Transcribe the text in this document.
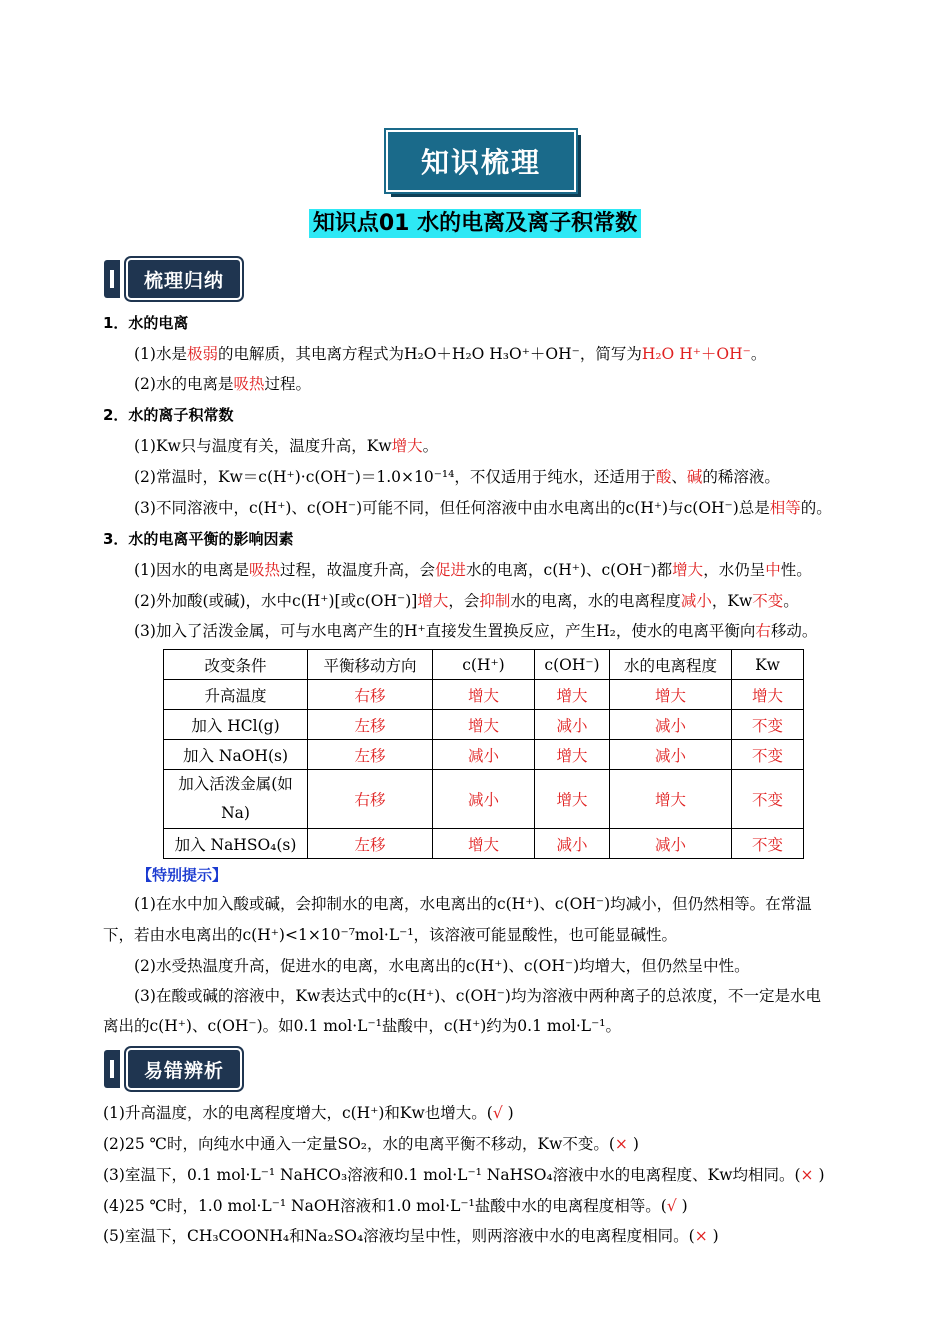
知识梳理
知识点01 水的电离及离子积常数
梳理归纳
1．水的电离
(1)水是极弱的电解质，其电离方程式为H₂O＋H₂O H₃O⁺＋OH⁻，简写为H₂O H⁺＋OH⁻。
(2)水的电离是吸热过程。
2．水的离子积常数
(1)Kw只与温度有关，温度升高，Kw增大。
(2)常温时，Kw＝c(H⁺)·c(OH⁻)＝1.0×10⁻¹⁴，不仅适用于纯水，还适用于酸、碱的稀溶液。
(3)不同溶液中，c(H⁺)、c(OH⁻)可能不同，但任何溶液中由水电离出的c(H⁺)与c(OH⁻)总是相等的。
3．水的电离平衡的影响因素
(1)因水的电离是吸热过程，故温度升高，会促进水的电离，c(H⁺)、c(OH⁻)都增大，水仍呈中性。
(2)外加酸(或碱)，水中c(H⁺)[或c(OH⁻)]增大，会抑制水的电离，水的电离程度减小，Kw不变。
(3)加入了活泼金属，可与水电离产生的H⁺直接发生置换反应，产生H₂，使水的电离平衡向右移动。
改变条件	平衡移动方向	c(H⁺)	c(OH⁻)	水的电离程度	Kw
升高温度	右移	增大	增大	增大	增大
加入 HCl(g)	左移	增大	减小	减小	不变
加入 NaOH(s)	左移	减小	增大	减小	不变
加入活泼金属(如Na)	右移	减小	增大	增大	不变
加入 NaHSO₄(s)	左移	增大	减小	减小	不变
【特别提示】
(1)在水中加入酸或碱，会抑制水的电离，水电离出的c(H⁺)、c(OH⁻)均减小，但仍然相等。在常温
下，若由水电离出的c(H⁺)<1×10⁻⁷mol·L⁻¹，该溶液可能显酸性，也可能显碱性。
(2)水受热温度升高，促进水的电离，水电离出的c(H⁺)、c(OH⁻)均增大，但仍然呈中性。
(3)在酸或碱的溶液中，Kw表达式中的c(H⁺)、c(OH⁻)均为溶液中两种离子的总浓度，不一定是水电
离出的c(H⁺)、c(OH⁻)。如0.1 mol·L⁻¹盐酸中，c(H⁺)约为0.1 mol·L⁻¹。
易错辨析
(1)升高温度，水的电离程度增大，c(H⁺)和Kw也增大。(√ )
(2)25 ℃时，向纯水中通入一定量SO₂，水的电离平衡不移动，Kw不变。(× )
(3)室温下，0.1 mol·L⁻¹ NaHCO₃溶液和0.1 mol·L⁻¹ NaHSO₄溶液中水的电离程度、Kw均相同。(× )
(4)25 ℃时，1.0 mol·L⁻¹ NaOH溶液和1.0 mol·L⁻¹盐酸中水的电离程度相等。(√ )
(5)室温下，CH₃COONH₄和Na₂SO₄溶液均呈中性，则两溶液中水的电离程度相同。(× )
